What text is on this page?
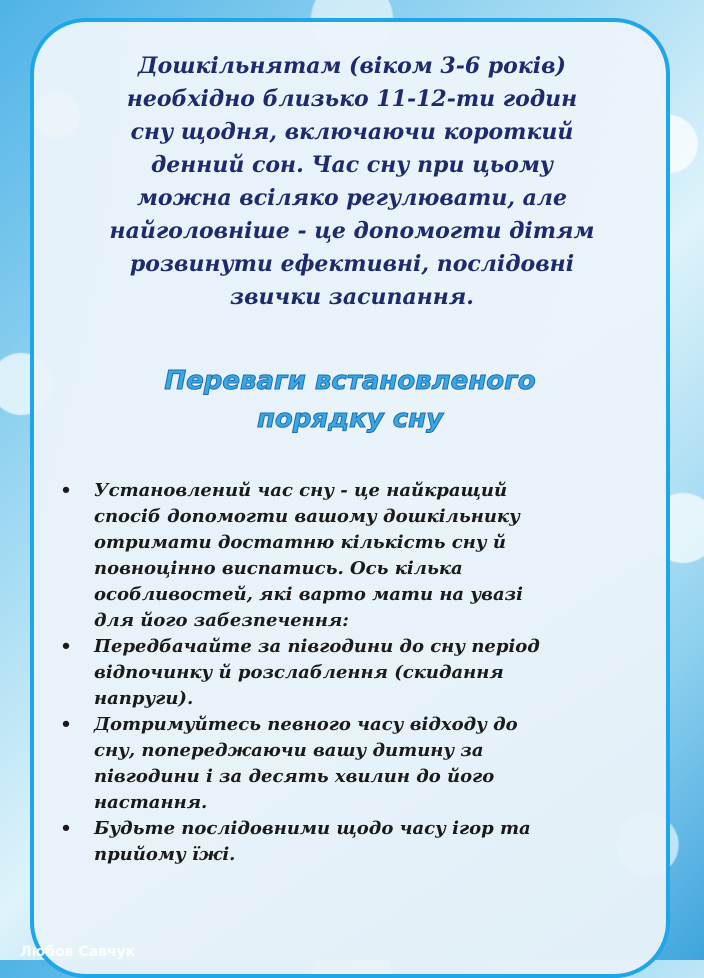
Дошкільнятам (віком 3-6 років)
необхідно близько 11-12-ти годин
сну щодня, включаючи короткий
денний сон. Час сну при цьому
можна всіляко регулювати, але
найголовніше - це допомогти дітям
розвинути ефективні, послідовні
звички засипання.

Переваги встановленого
порядку сну
• Установлений час сну - це найкращий
спосіб допомогти вашому дошкільнику
отримати достатню кількість сну й
повноцінно виспатись. Ось кілька
особливостей, які варто мати на увазі
для його забезпечення:
• Передбачайте за півгодини до сну період
відпочинку й розслаблення (скидання
напруги).
• Дотримуйтесь певного часу відходу до
сну, попереджаючи вашу дитину за
півгодини і за десять хвилин до його
настання.
• Будьте послідовними щодо часу ігор та
прийому їжі.
Любов Савчук
